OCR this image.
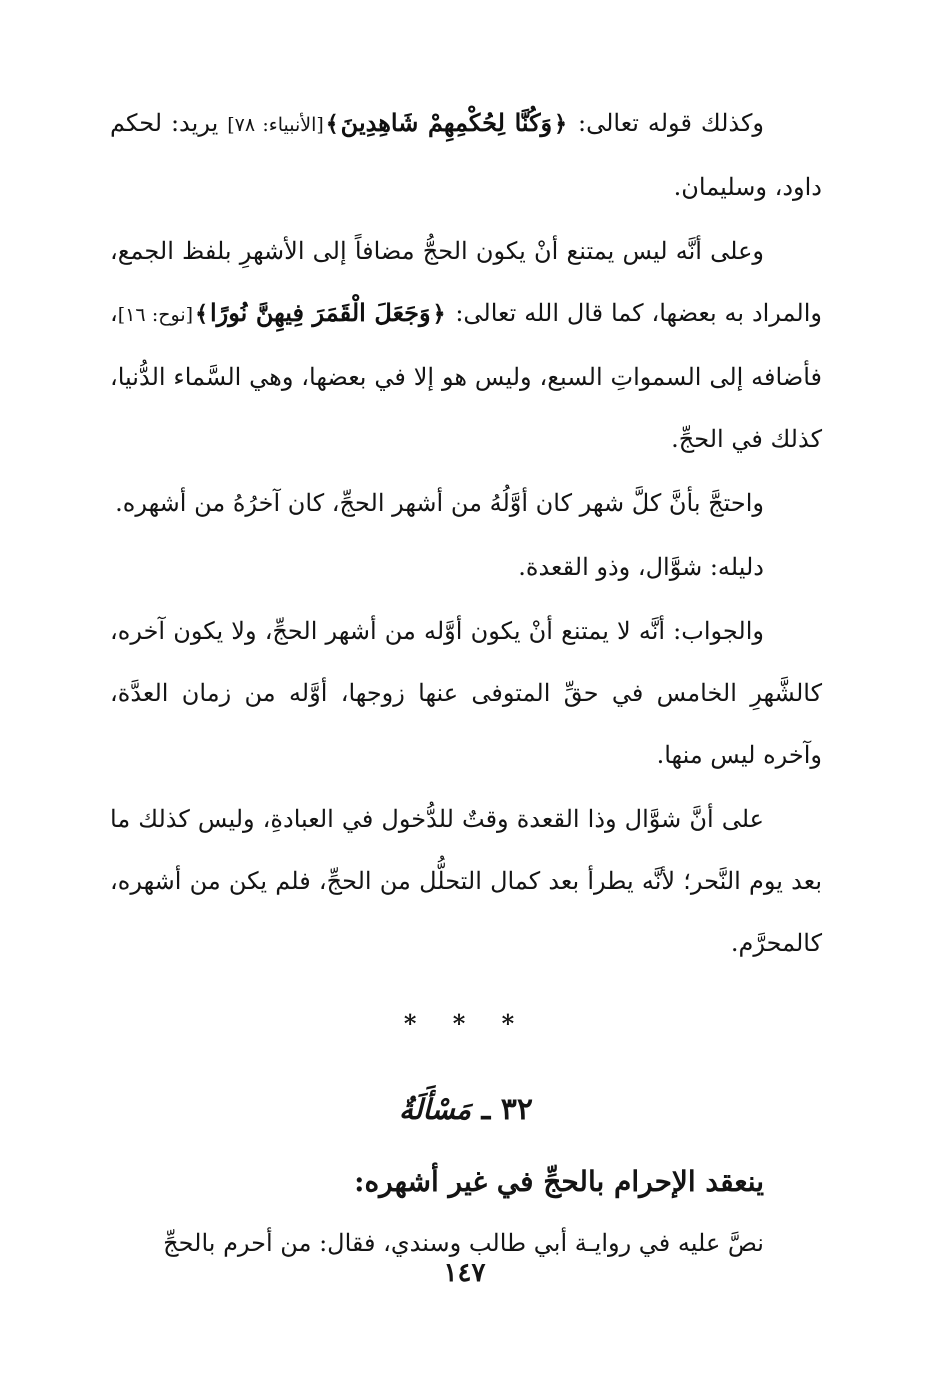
وكذلك قوله تعالى: ﴿وَكُنَّا لِحُكْمِهِمْ شَاهِدِينَ﴾[الأنبياء: ٧٨] يريد: لحكم داود، وسليمان.

وعلى أنَّه ليس يمتنع أنْ يكون الحجُّ مضافاً إلى الأشهرِ بلفظ الجمع، والمراد به بعضها، كما قال الله تعالى: ﴿وَجَعَلَ الْقَمَرَ فِيهِنَّ نُورًا﴾[نوح: ١٦]، فأضافه إلى السمواتِ السبع، وليس هو إلا في بعضها، وهي السَّماء الدُّنيا، كذلك في الحجِّ.

واحتجَّ بأنَّ كلَّ شهر كان أوَّلُهُ من أشهر الحجِّ، كان آخرُهُ من أشهره.

دليله: شوَّال، وذو القعدة.

والجواب: أنَّه لا يمتنع أنْ يكون أوَّله من أشهر الحجِّ، ولا يكون آخره، كالشَّهرِ الخامس في حقِّ المتوفى عنها زوجها، أوَّله من زمان العدَّة، وآخره ليس منها.

على أنَّ شوَّال وذا القعدة وقتٌ للدُّخول في العبادةِ، وليس كذلك ما بعد يوم النَّحر؛ لأنَّه يطرأ بعد كمال التحلُّل من الحجِّ، فلم يكن من أشهره، كالمحرَّم.

* * *
٣٢ ـ مَسْأَلَةٌ

ينعقد الإحرام بالحجِّ في غير أشهره:

نصَّ عليه في روايـة أبي طالب وسندي، فقال: من أحرم بالحجِّ

١٤٧
